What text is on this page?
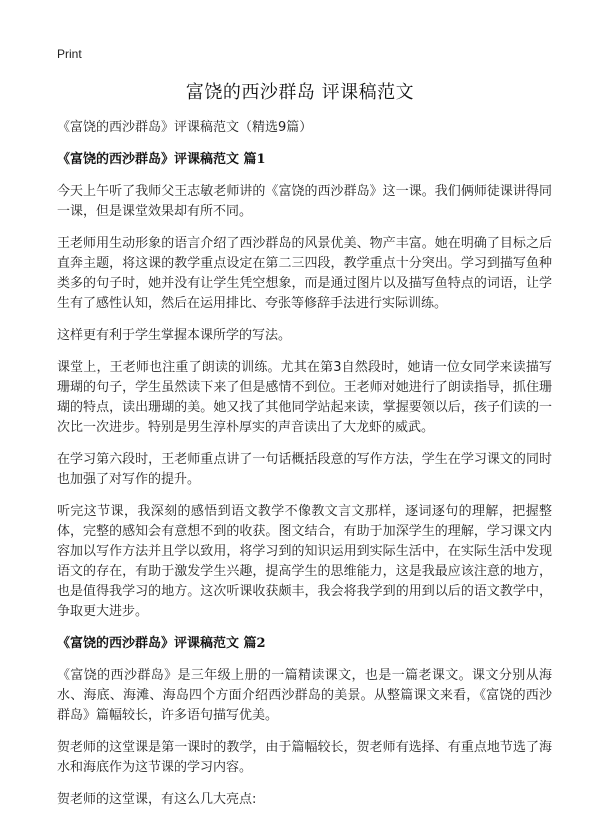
Print
富饶的西沙群岛 评课稿范文

《富饶的西沙群岛》评课稿范文（精选9篇）

《富饶的西沙群岛》评课稿范文 篇1

今天上午听了我师父王志敏老师讲的《富饶的西沙群岛》这一课。我们俩师徒课讲得同一课，但是课堂效果却有所不同。

王老师用生动形象的语言介绍了西沙群岛的风景优美、物产丰富。她在明确了目标之后直奔主题，将这课的教学重点设定在第二三四段，教学重点十分突出。学习到描写鱼种类多的句子时，她并没有让学生凭空想象，而是通过图片以及描写鱼特点的词语，让学生有了感性认知，然后在运用排比、夸张等修辞手法进行实际训练。

这样更有利于学生掌握本课所学的写法。

课堂上，王老师也注重了朗读的训练。尤其在第3自然段时，她请一位女同学来读描写珊瑚的句子，学生虽然读下来了但是感情不到位。王老师对她进行了朗读指导，抓住珊瑚的特点，读出珊瑚的美。她又找了其他同学站起来读，掌握要领以后，孩子们读的一次比一次进步。特别是男生淳朴厚实的声音读出了大龙虾的威武。

在学习第六段时，王老师重点讲了一句话概括段意的写作方法，学生在学习课文的同时也加强了对写作的提升。

听完这节课，我深刻的感悟到语文教学不像教文言文那样，逐词逐句的理解，把握整体，完整的感知会有意想不到的收获。图文结合，有助于加深学生的理解，学习课文内容加以写作方法并且学以致用，将学习到的知识运用到实际生活中，在实际生活中发现语文的存在，有助于激发学生兴趣，提高学生的思维能力，这是我最应该注意的地方，也是值得我学习的地方。这次听课收获颇丰，我会将我学到的用到以后的语文教学中，争取更大进步。

《富饶的西沙群岛》评课稿范文 篇2

《富饶的西沙群岛》是三年级上册的一篇精读课文，也是一篇老课文。课文分别从海水、海底、海滩、海岛四个方面介绍西沙群岛的美景。从整篇课文来看，《富饶的西沙群岛》篇幅较长，许多语句描写优美。

贺老师的这堂课是第一课时的教学，由于篇幅较长，贺老师有选择、有重点地节选了海水和海底作为这节课的学习内容。

贺老师的这堂课，有这么几大亮点:
